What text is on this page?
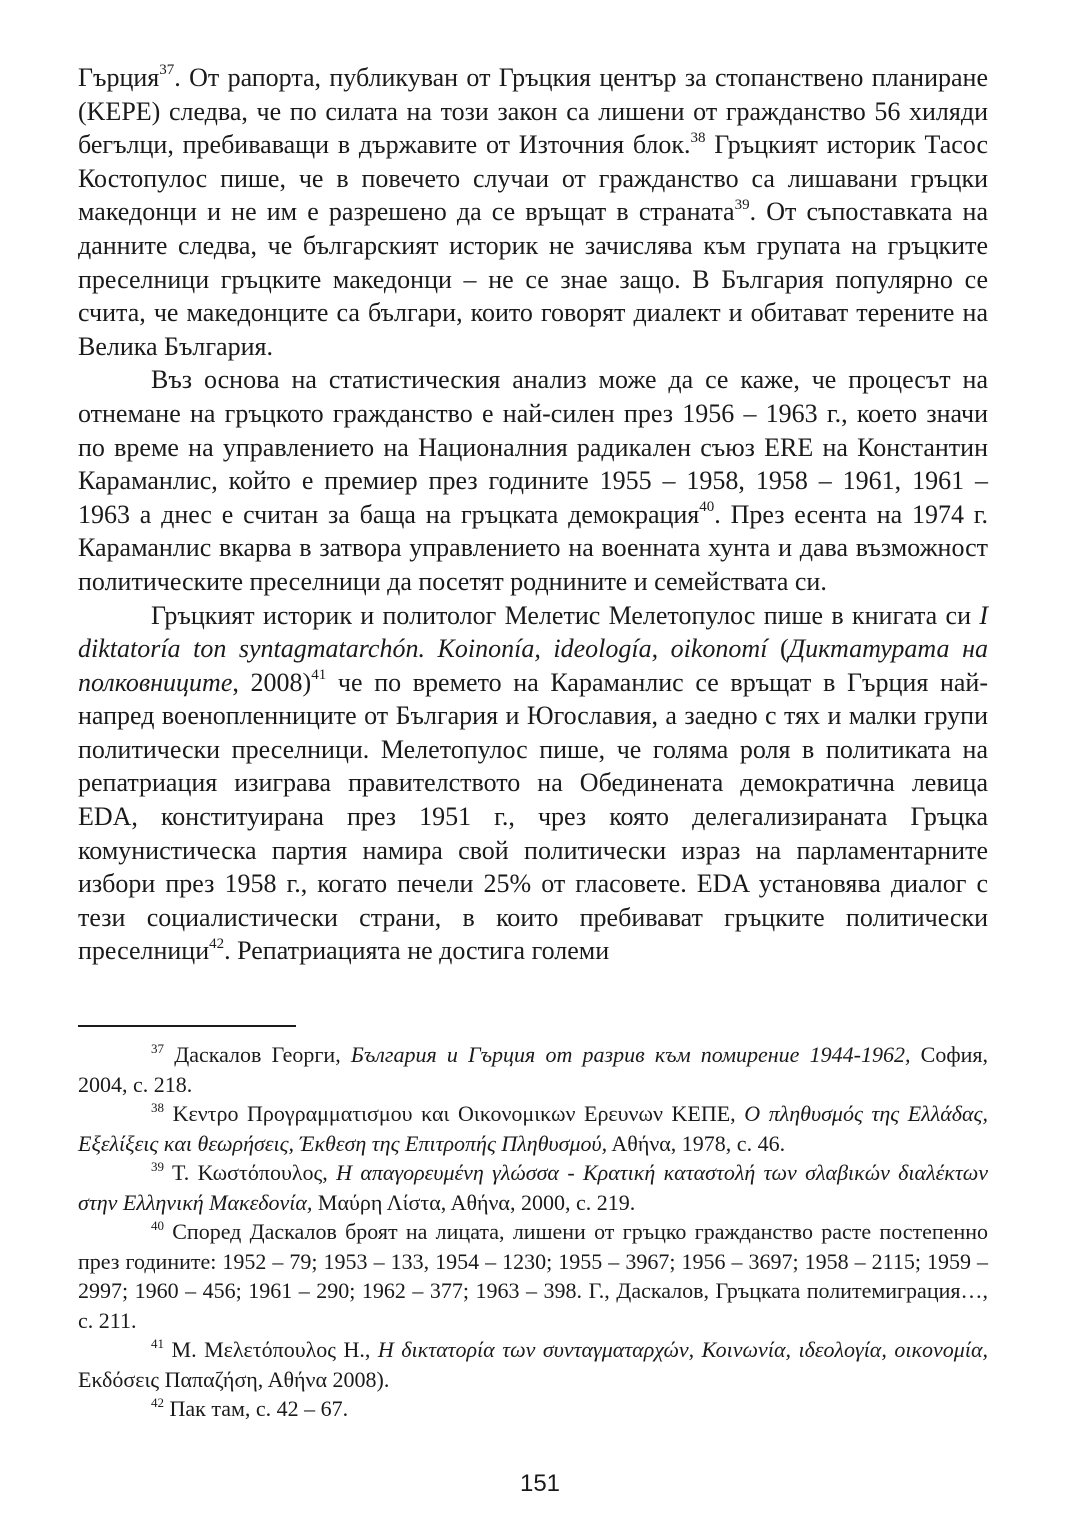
Гърция$^{37}$. От рапорта, публикуван от Гръцкия център за стопанствено планиране (KEPE) следва, че по силата на този закон са лишени от гражданство 56 хиляди бегълци, пребиваващи в държавите от Източния блок.$^{38}$ Гръцкият историк Тасос Костопулос пише, че в повечето случаи от гражданство са лишавани гръцки македонци и не им е разрешено да се връщат в страната$^{39}$. От съпоставката на данните следва, че българският историк не зачислява към групата на гръцките преселници гръцките македонци – не се знае защо. В България популярно се счита, че македонците са българи, които говорят диалект и обитават терените на Велика България.

Въз основа на статистическия анализ може да се каже, че процесът на отнемане на гръцкото гражданство е най-силен през 1956 – 1963 г., което значи по време на управлението на Националния радикален съюз ERE на Константин Караманлис, който е премиер през годините 1955 – 1958, 1958 – 1961, 1961 – 1963 а днес е считан за баща на гръцката демокрация$^{40}$. През есента на 1974 г. Караманлис вкарва в затвора управлението на военната хунта и дава възможност политическите преселници да посетят роднините и семействата си.

Гръцкият историк и политолог Мелетис Мелетопулос пише в книгата си I diktatoría ton syntagmatarchón. Koinonía, ideología, oikonomí (Диктатурата на полковниците, 2008)$^{41}$ че по времето на Караманлис се връщат в Гърция най-напред военопленниците от България и Югославия, а заедно с тях и малки групи политически преселници. Мелетопулос пише, че голяма роля в политиката на репатриация изиграва правителството на Обединената демократична левица EDA, конституирана през 1951 г., чрез която делегализираната Гръцка комунистическа партия намира свой политически израз на парламентарните избори през 1958 г., когато печели 25% от гласовете. EDA установява диалог с тези социалистически страни, в които пребивават гръцките политически преселници$^{42}$. Репатриацията не достига големи

$^{37}$ Даскалов Георги, България и Гърция от разрив към помирение 1944-1962, София, 2004, с. 218.

$^{38}$ Κεντρο Προγραμματισμου και Οικονομικων Ερευνων ΚΕΠΕ, Ο πληθυσμός της Ελλάδας, Εξελίξεις και θεωρήσεις, Έκθεση της Επιτροπής Πληθυσμού, Αθήνα, 1978, с. 46.

$^{39}$ Τ. Κωστόπουλος, Η απαγορευμένη γλώσσα - Κρατική καταστολή των σλαβικών διαλέκτων στην Ελληνική Μακεδονία, Μαύρη Λίστα, Αθήνα, 2000, с. 219.

$^{40}$ Според Даскалов броят на лицата, лишени от гръцко гражданство расте постепенно през годините: 1952 – 79; 1953 – 133, 1954 – 1230; 1955 – 3967; 1956 – 3697; 1958 – 2115; 1959 – 2997; 1960 – 456; 1961 – 290; 1962 – 377; 1963 – 398. Г., Даскалов, Гръцката политемиграция…, с. 211.

$^{41}$ Μ. Μελετόπουλος Η., Η δικτατορία των συνταγματαρχών, Κοινωνία, ιδεολογία, οικονομία, Εκδόσεις Παπαζήση, Αθήνα 2008).

$^{42}$ Пак там, с. 42 – 67.

151
